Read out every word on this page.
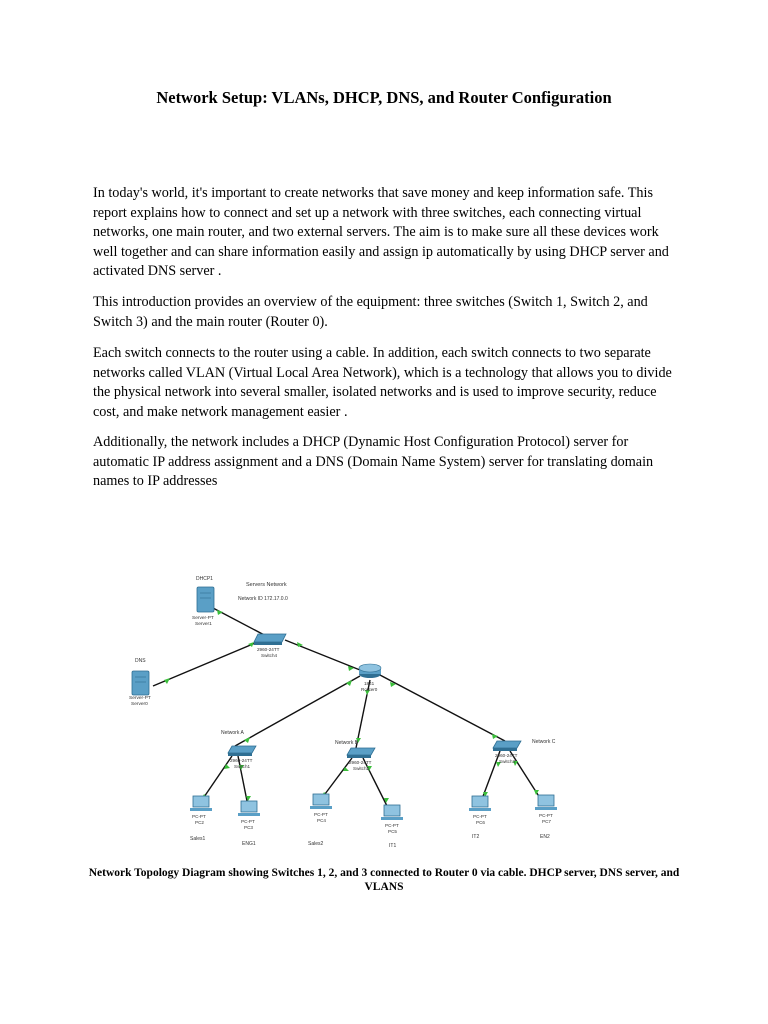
Network Setup: VLANs, DHCP, DNS, and Router Configuration

In today's world, it's important to create networks that save money and keep information safe. This report explains how to connect and set up a network with three switches, each connecting virtual networks, one main router, and two external servers. The aim is to make sure all these devices work well together and can share information easily and assign ip automatically by using DHCP server and activated DNS server .

This introduction provides an overview of the equipment: three switches (Switch 1, Switch 2, and Switch 3) and the main router (Router 0).

Each switch connects to the router using a cable. In addition, each switch connects to two separate networks called VLAN (Virtual Local Area Network), which is a technology that allows you to divide the physical network into several smaller, isolated networks and is used to improve security, reduce cost, and make network management easier .

Additionally, the network includes a DHCP (Dynamic Host Configuration Protocol) server for automatic IP address assignment and a DNS (Domain Name System) server for translating domain names to IP addresses

Servers Network
Network ID 172.17.0.0
DHCP1
Server-PT
Server1
DNS
Server-PT
Server0
2960-24TT
Switch4
1841
Router0
Network A
Network B	Network C
2960-24TT
Switch1
2960-24TT
Switch2
2960-24TT
Switch3
PC-PT
PC2
Sales1
PC-PT
PC3
ENG1
PC-PT
PC4
Sales2
PC-PT
PC5
IT1
PC-PT
PC6
IT2
PC-PT
PC7
EN2
Network Topology Diagram showing Switches 1, 2, and 3 connected to Router 0 via cable. DHCP server, DNS server, and VLANS
